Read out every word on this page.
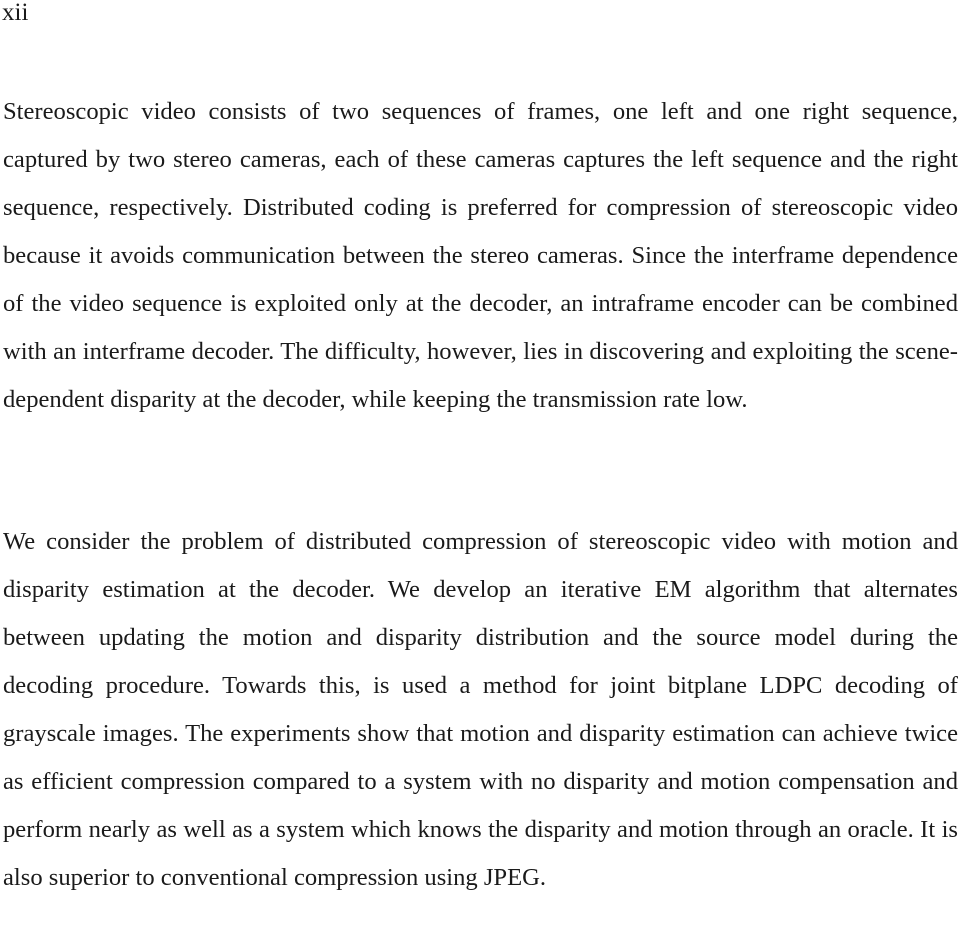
xii

Stereoscopic video consists of two sequences of frames, one left and one right sequence, captured by two stereo cameras, each of these cameras captures the left sequence and the right sequence, respectively. Distributed coding is preferred for compression of stereoscopic video because it avoids communication between the stereo cameras. Since the interframe dependence of the video sequence is exploited only at the decoder, an intraframe encoder can be combined with an interframe decoder. The difficulty, however, lies in discovering and exploiting the scene-dependent disparity at the decoder, while keeping the transmission rate low.

We consider the problem of distributed compression of stereoscopic video with motion and disparity estimation at the decoder. We develop an iterative EM algorithm that alternates between updating the motion and disparity distribution and the source model during the decoding procedure. Towards this, is used a method for joint bitplane LDPC decoding of grayscale images. The experiments show that motion and disparity estimation can achieve twice as efficient compression compared to a system with no disparity and motion compensation and perform nearly as well as a system which knows the disparity and motion through an oracle. It is also superior to conventional compression using JPEG.
